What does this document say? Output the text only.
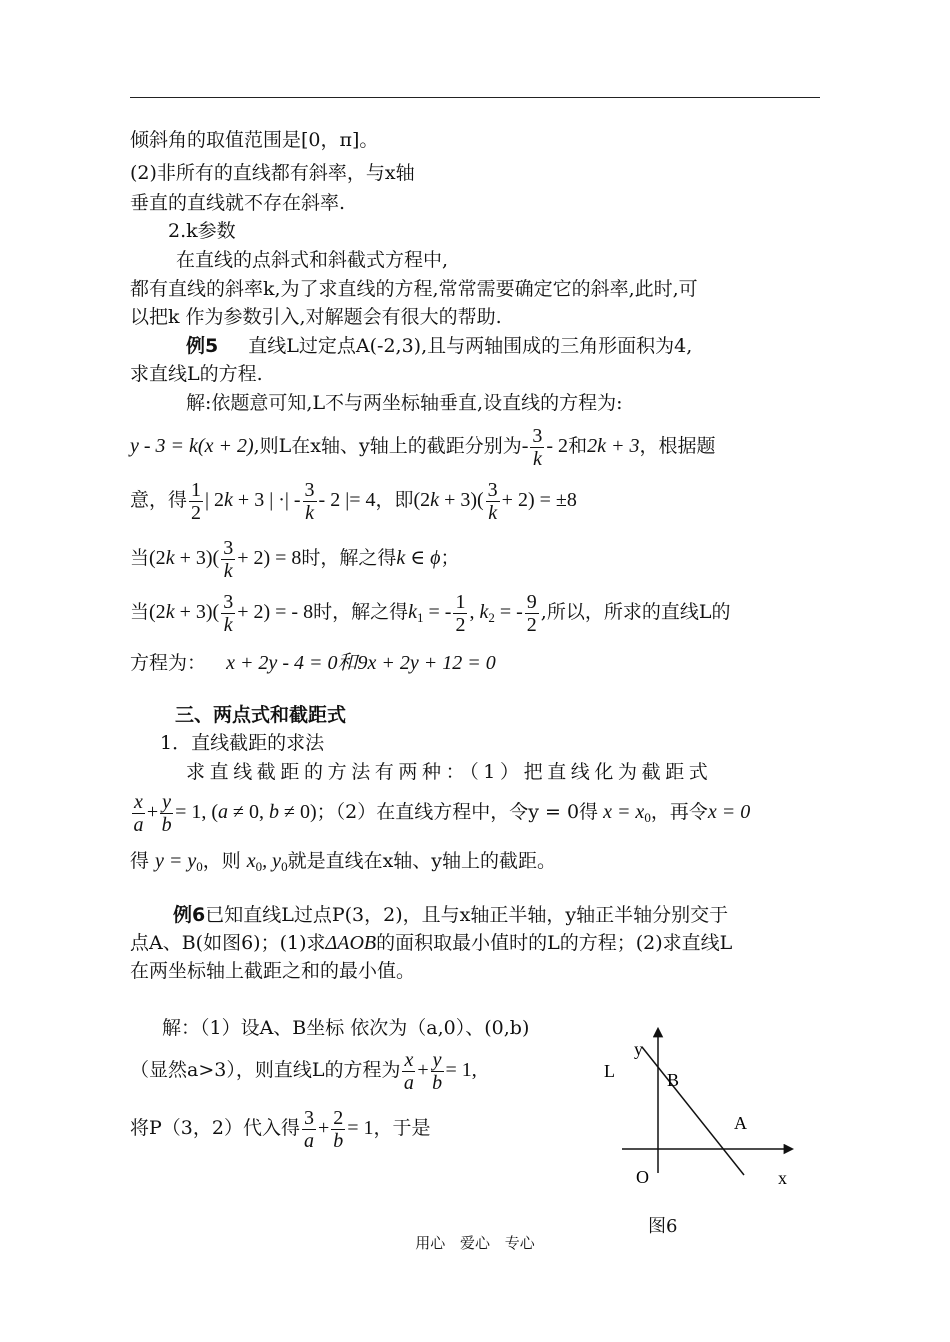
倾斜角的取值范围是[0，π]。
(2)非所有的直线都有斜率，与x轴
垂直的直线就不存在斜率.
2.k参数
在直线的点斜式和斜截式方程中,
都有直线的斜率k,为了求直线的方程,常常需要确定它的斜率,此时,可
以把k 作为参数引入,对解题会有很大的帮助.
例5 直线L过定点A(-2,3),且与两轴围成的三角形面积为4,
求直线L的方程.
解:依题意可知,L不与两坐标轴垂直,设直线的方程为:
y - 3 = k(x + 2),则L在x轴、y轴上的截距分别为- $\frac{3}{k} - 2$和2k + 3，根据题
意，得 $\frac{1}{2}$ | 2k + 3 | ·| - $\frac{3}{k} - 2$ |= 4，即$(2k + 3)( \frac{3}{k} + 2) = \pm 8$
当$(2k + 3)( \frac{3}{k} + 2) = 8$时，解之得k ∈ ϕ；
当$(2k + 3)( \frac{3}{k} + 2)$ = - 8时，解之得$k_1$ = - $\frac{1}{2}$ , $k_2$ = - $\frac{9}{2}$ ,所以，所求的直线L的
方程为： x + 2y - 4 = 0和9x + 2y + 12 = 0
三、两点式和截距式
1．直线截距的求法
求直线截距的方法有两种：（1）把直线化为截距式
$\frac{x}{a} + \frac{y}{b} = 1$, (a ≠ 0, b ≠ 0)；（2）在直线方程中，令y = 0得 $x = x_0$，再令x = 0
得 $y = y_0$，则 $x_0$, $y_0$就是直线在x轴、y轴上的截距。
例6已知直线L过点P(3，2)，且与x轴正半轴，y轴正半轴分别交于
点A、B(如图6)；(1)求ΔAOB的面积取最小值时的L的方程；(2)求直线L
在两坐标轴上截距之和的最小值。
解：（1）设A、B坐标 依次为（a,0）、(0,b)
（显然a>3），则直线L的方程为 $\frac{x}{a} + \frac{y}{b} = 1$,
将P（3，2）代入得 $\frac{3}{a} + \frac{2}{b} = 1$，于是
y
L	B
A
O	x
图6
用心 爱心 专心
